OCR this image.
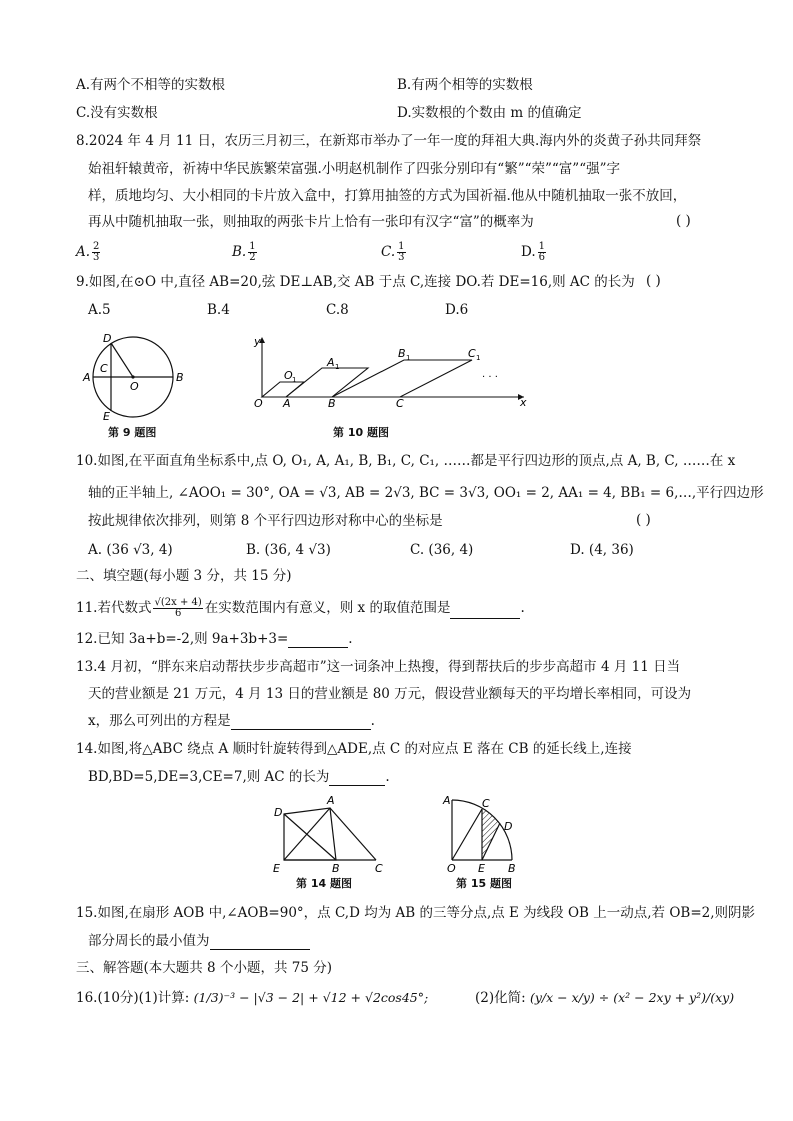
A.有两个不相等的实数根	B.有两个相等的实数根
C.没有实数根	D.实数根的个数由 m 的值确定
8.2024 年 4 月 11 日，农历三月初三，在新郑市举办了一年一度的拜祖大典.海内外的炎黄子孙共同拜祭
始祖轩辕黄帝，祈祷中华民族繁荣富强.小明赵机制作了四张分别印有“繁”“荣”“富”“强”字
样，质地均匀、大小相同的卡片放入盒中，打算用抽签的方式为国祈福.他从中随机抽取一张不放回，
再从中随机抽取一张，则抽取的两张卡片上恰有一张印有汉字“富”的概率为	( )
A. $\frac{2}{3}$	B. $\frac{1}{2}$	C. $\frac{1}{3}$	D. $\frac{1}{6}$
9.如图,在⊙O 中,直径 AB=20,弦 DE⊥AB,交 AB 于点 C,连接 DO.若 DE=16,则 AC 的长为 ( )
A.5	B.4	C.8	D.6
D
A
C
O
B
E
第 9 题图
y
x
O
O 1
A
A 1
B
B 1
C
C 1
· · ·
第 10 题图
10.如图,在平面直角坐标系中,点 O, O₁, A, A₁, B, B₁, C, C₁, ……都是平行四边形的顶点,点 A, B, C, ……在 x
轴的正半轴上, ∠AOO₁ = 30°, OA = √3, AB = 2√3, BC = 3√3, OO₁ = 2, AA₁ = 4, BB₁ = 6,…,平行四边形
按此规律依次排列，则第 8 个平行四边形对称中心的坐标是	( )
A. (36 √3, 4)	B. (36, 4 √3)	C. (36, 4)	D. (4, 36)
二、填空题(每小题 3 分，共 15 分)
11.若代数式 $\frac{√(2x + 4)}{6}$ 在实数范围内有意义，则 x 的取值范围是	.
12.已知 3a+b=-2,则 9a+3b+3=	.
13.4 月初，“胖东来启动帮扶步步高超市”这一词条冲上热搜，得到帮扶后的步步高超市 4 月 11 日当
天的营业额是 21 万元，4 月 13 日的营业额是 80 万元，假设营业额每天的平均增长率相同，可设为
x，那么可列出的方程是	.
14.如图,将△ABC 绕点 A 顺时针旋转得到△ADE,点 C 的对应点 E 落在 CB 的延长线上,连接
BD,BD=5,DE=3,CE=7,则 AC 的长为	.
D
A
E	B	C
第 14 题图
A	C
D
O E B
第 15 题图
15.如图,在扇形 AOB 中,∠AOB=90°，点 C,D 均为 AB 的三等分点,点 E 为线段 OB 上一动点,若 OB=2,则阴影
部分周长的最小值为
三、解答题(本大题共 8 个小题，共 75 分)
16.(10分)(1)计算: (1/3)⁻³ − |√3 − 2| + √12 + √2cos45°;	(2)化简: (y/x − x/y) ÷ (x² − 2xy + y²)/(xy)
